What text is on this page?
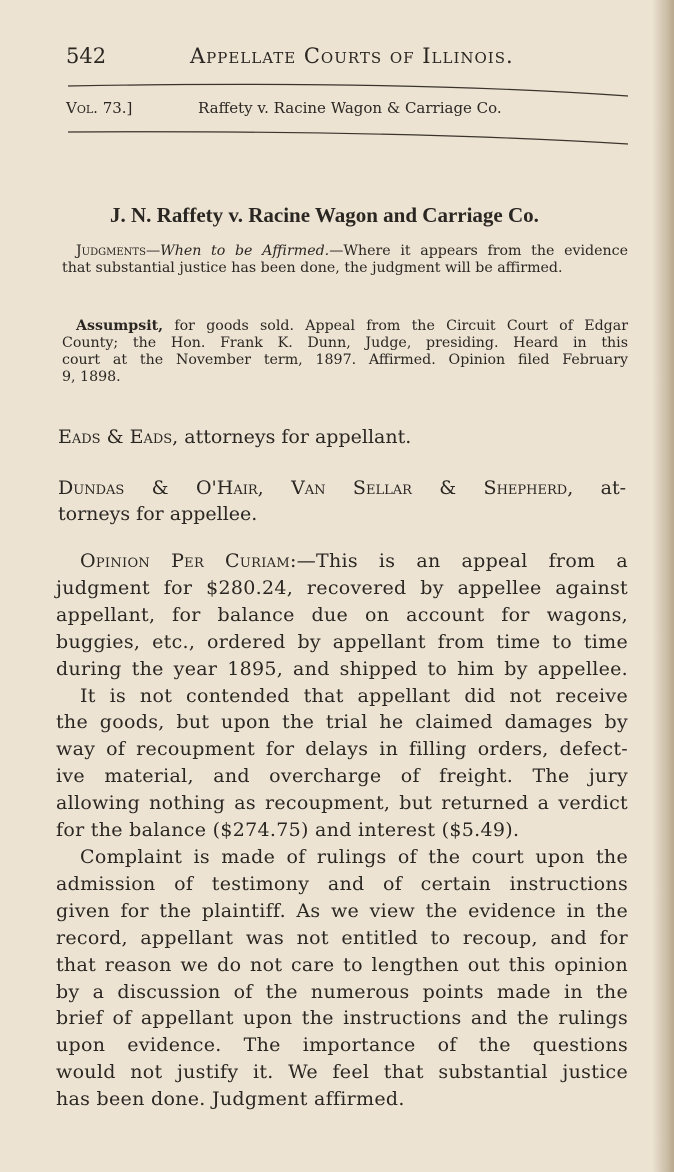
542	Appellate Courts of Illinois.
Vol. 73.]	Raffety v. Racine Wagon & Carriage Co.
J. N. Raffety v. Racine Wagon and Carriage Co.
Judgments—When to be Affirmed.—Where it appears from the evidence
that substantial justice has been done, the judgment will be affirmed.
Assumpsit, for goods sold. Appeal from the Circuit Court of Edgar
County; the Hon. Frank K. Dunn, Judge, presiding. Heard in this
court at the November term, 1897. Affirmed. Opinion filed February
9, 1898.
Eads & Eads, attorneys for appellant.
Dundas & O'Hair, Van Sellar & Shepherd, at-
torneys for appellee.
Opinion Per Curiam:—This is an appeal from a
judgment for $280.24, recovered by appellee against
appellant, for balance due on account for wagons,
buggies, etc., ordered by appellant from time to time
during the year 1895, and shipped to him by appellee.
It is not contended that appellant did not receive
the goods, but upon the trial he claimed damages by
way of recoupment for delays in filling orders, defect-
ive material, and overcharge of freight. The jury
allowing nothing as recoupment, but returned a verdict
for the balance ($274.75) and interest ($5.49).
Complaint is made of rulings of the court upon the
admission of testimony and of certain instructions
given for the plaintiff. As we view the evidence in the
record, appellant was not entitled to recoup, and for
that reason we do not care to lengthen out this opinion
by a discussion of the numerous points made in the
brief of appellant upon the instructions and the rulings
upon evidence. The importance of the questions
would not justify it. We feel that substantial justice
has been done. Judgment affirmed.
